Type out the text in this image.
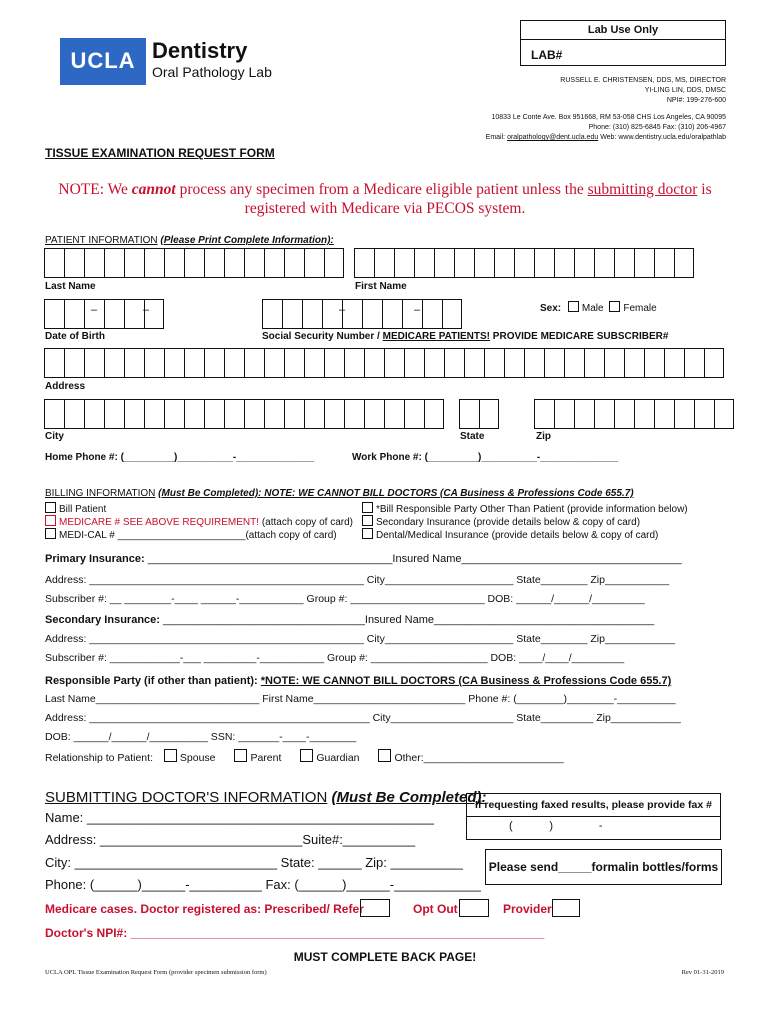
Lab Use Only
LAB#
UCLA Dentistry
Oral Pathology Lab
RUSSELL E. CHRISTENSEN, DDS, MS, DIRECTOR
YI-LING LIN, DDS, DMSC
NPI#: 199-276-600
10833 Le Conte Ave. Box 951668, RM 53-058 CHS Los Angeles, CA 90095
Phone: (310) 825-6845 Fax: (310) 206-4967
Email: oralpathology@dent.ucla.edu Web: www.dentistry.ucla.edu/oralpathlab
TISSUE EXAMINATION REQUEST FORM
NOTE: We cannot process any specimen from a Medicare eligible patient unless the submitting doctor is
registered with Medicare via PECOS system.
PATIENT INFORMATION (Please Print Complete Information):
Last Name	First Name
–	–	–	–	Sex: Male Female
Date of Birth	Social Security Number / MEDICARE PATIENTS! PROVIDE MEDICARE SUBSCRIBER#
Address
City	State	Zip
Home Phone #: (_________)__________-______________	Work Phone #: (_________)__________-______________
BILLING INFORMATION (Must Be Completed): NOTE: WE CANNOT BILL DOCTORS (CA Business & Professions Code 655.7)
Bill Patient
MEDICARE # SEE ABOVE REQUIREMENT! (attach copy of card)
MEDI-CAL # _______________________(attach copy of card)
*Bill Responsible Party Other Than Patient (provide information below)
Secondary Insurance (provide details below & copy of card)
Dental/Medical Insurance (provide details below & copy of card)
Primary Insurance: ________________________________________Insured Name____________________________________
Address: _______________________________________________ City______________________ State________ Zip___________
Subscriber #: __ ________-____ ______-___________ Group #: _______________________ DOB: ______/______/_________
Secondary Insurance: _________________________________Insured Name____________________________________
Address: _______________________________________________ City______________________ State________ Zip____________
Subscriber #: ____________-___ _________-___________ Group #: ____________________ DOB: ____/____/_________
Responsible Party (if other than patient): *NOTE: WE CANNOT BILL DOCTORS (CA Business & Professions Code 655.7)
Last Name____________________________ First Name__________________________ Phone #: (________)________-__________
Address: ________________________________________________ City_____________________ State_________ Zip____________
DOB: ______/______/__________ SSN: _______-____-________
Relationship to Patient:	Spouse	Parent	Guardian	Other:________________________
SUBMITTING DOCTOR'S INFORMATION (Must Be Completed):
Name: ________________________________________________
Address: ____________________________Suite#:__________
City: ____________________________ State: ______ Zip: __________
Phone: (______)______-__________ Fax: (______)______-____________
Medicare cases. Doctor registered as: Prescribed/ Refer	Opt Out	Provider
Doctor's NPI#: ______________________________________________________________
If requesting faxed results, please provide fax #
(            )               -
Please send_____formalin bottles/forms
MUST COMPLETE BACK PAGE!
UCLA OPL Tissue Examination Request Form (provider specimen submission form)	Rev 01-31-2019
